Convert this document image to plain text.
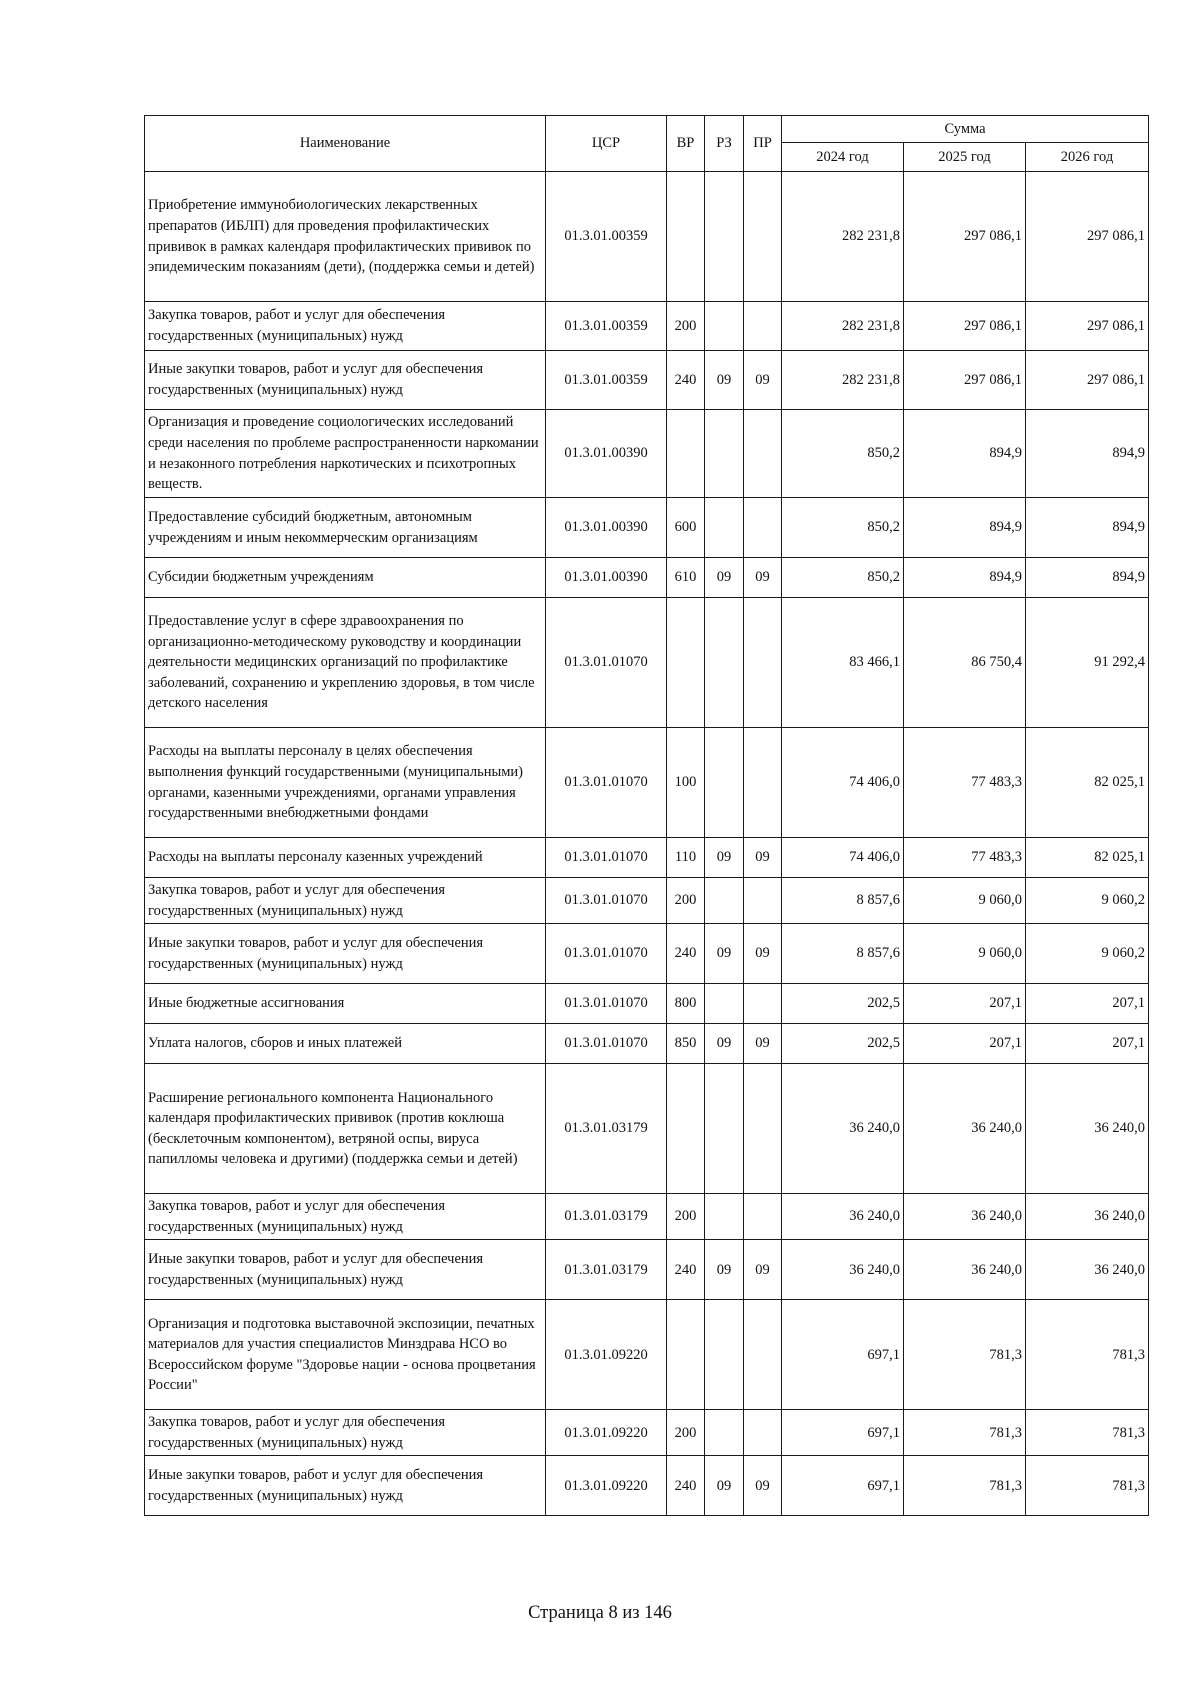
Наименование	ЦСР	ВР	РЗ	ПР	Сумма		
					2024 год	2025 год	2026 год
Приобретение иммунобиологических лекарственных препаратов (ИБЛП) для проведения профилактических прививок в рамках календаря профилактических прививок по эпидемическим показаниям (дети), (поддержка семьи и детей)	01.3.01.00359				282 231,8	297 086,1	297 086,1
Закупка товаров, работ и услуг для обеспечения государственных (муниципальных) нужд	01.3.01.00359	200			282 231,8	297 086,1	297 086,1
Иные закупки товаров, работ и услуг для обеспечения государственных (муниципальных) нужд	01.3.01.00359	240	09	09	282 231,8	297 086,1	297 086,1
Организация и проведение социологических исследований среди населения по проблеме распространенности наркомании и незаконного потребления наркотических и психотропных веществ.	01.3.01.00390				850,2	894,9	894,9
Предоставление субсидий бюджетным, автономным учреждениям и иным некоммерческим организациям	01.3.01.00390	600			850,2	894,9	894,9
Субсидии бюджетным учреждениям	01.3.01.00390	610	09	09	850,2	894,9	894,9
Предоставление услуг в сфере здравоохранения по организационно-методическому руководству и координации деятельности медицинских организаций по профилактике заболеваний, сохранению и укреплению здоровья, в том числе детского населения	01.3.01.01070				83 466,1	86 750,4	91 292,4
Расходы на выплаты персоналу в целях обеспечения выполнения функций государственными (муниципальными) органами, казенными учреждениями, органами управления государственными внебюджетными фондами	01.3.01.01070	100			74 406,0	77 483,3	82 025,1
Расходы на выплаты персоналу казенных учреждений	01.3.01.01070	110	09	09	74 406,0	77 483,3	82 025,1
Закупка товаров, работ и услуг для обеспечения государственных (муниципальных) нужд	01.3.01.01070	200			8 857,6	9 060,0	9 060,2
Иные закупки товаров, работ и услуг для обеспечения государственных (муниципальных) нужд	01.3.01.01070	240	09	09	8 857,6	9 060,0	9 060,2
Иные бюджетные ассигнования	01.3.01.01070	800			202,5	207,1	207,1
Уплата налогов, сборов и иных платежей	01.3.01.01070	850	09	09	202,5	207,1	207,1
Расширение регионального компонента Национального календаря профилактических прививок (против коклюша (бесклеточным компонентом), ветряной оспы, вируса папилломы человека и другими) (поддержка семьи и детей)	01.3.01.03179				36 240,0	36 240,0	36 240,0
Закупка товаров, работ и услуг для обеспечения государственных (муниципальных) нужд	01.3.01.03179	200			36 240,0	36 240,0	36 240,0
Иные закупки товаров, работ и услуг для обеспечения государственных (муниципальных) нужд	01.3.01.03179	240	09	09	36 240,0	36 240,0	36 240,0
Организация и подготовка выставочной экспозиции, печатных материалов для участия специалистов Минздрава НСО во Всероссийском форуме "Здоровье нации - основа процветания России"	01.3.01.09220				697,1	781,3	781,3
Закупка товаров, работ и услуг для обеспечения государственных (муниципальных) нужд	01.3.01.09220	200			697,1	781,3	781,3
Иные закупки товаров, работ и услуг для обеспечения государственных (муниципальных) нужд	01.3.01.09220	240	09	09	697,1	781,3	781,3
Страница 8 из 146
